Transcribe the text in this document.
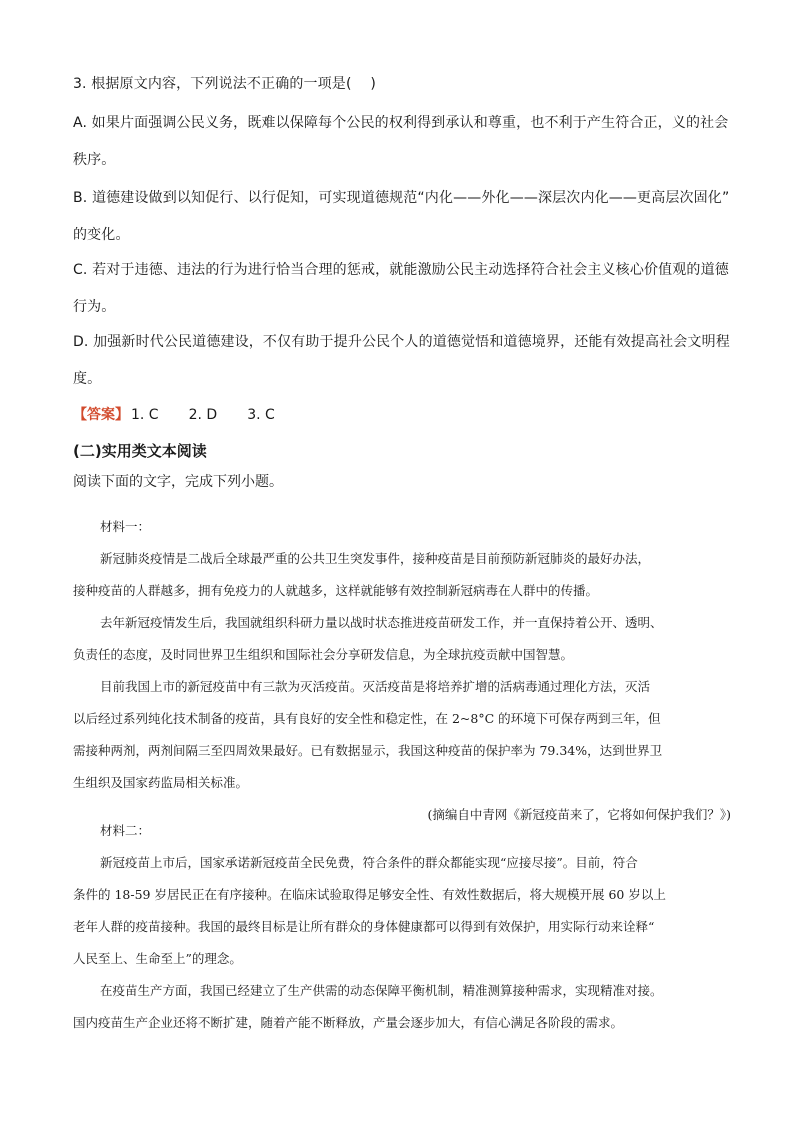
3. 根据原文内容，下列说法不正确的一项是(　 )
A. 如果片面强调公民义务，既难以保障每个公民的权利得到承认和尊重，也不利于产生符合正，义的社会
秩序。
B. 道德建设做到以知促行、以行促知，可实现道德规范“内化——外化——深层次内化——更高层次固化”
的变化。
C. 若对于违德、违法的行为进行恰当合理的惩戒，就能激励公民主动选择符合社会主义核心价值观的道德
行为。
D. 加强新时代公民道德建设，不仅有助于提升公民个人的道德觉悟和道德境界，还能有效提高社会文明程
度。
【答案】 1. C 2. D 3. C
(二)实用类文本阅读
阅读下面的文字，完成下列小题。
材料一：
新冠肺炎疫情是二战后全球最严重的公共卫生突发事件，接种疫苗是目前预防新冠肺炎的最好办法，
接种疫苗的人群越多，拥有免疫力的人就越多，这样就能够有效控制新冠病毒在人群中的传播。
去年新冠疫情发生后，我国就组织科研力量以战时状态推进疫苗研发工作，并一直保持着公开、透明、
负责任的态度，及时同世界卫生组织和国际社会分享研发信息，为全球抗疫贡献中国智慧。
目前我国上市的新冠疫苗中有三款为灭活疫苗。灭活疫苗是将培养扩增的活病毒通过理化方法，灭活
以后经过系列纯化技术制备的疫苗，具有良好的安全性和稳定性，在 2~8°C 的环境下可保存两到三年，但
需接种两剂，两剂间隔三至四周效果最好。已有数据显示，我国这种疫苗的保护率为 79.34%，达到世界卫
生组织及国家药监局相关标准。
(摘编自中青网《新冠疫苗来了，它将如何保护我们？》)
材料二：
新冠疫苗上市后，国家承诺新冠疫苗全民免费，符合条件的群众都能实现“应接尽接”。目前，符合
条件的 18-59 岁居民正在有序接种。在临床试验取得足够安全性、有效性数据后，将大规模开展 60 岁以上
老年人群的疫苗接种。我国的最终目标是让所有群众的身体健康都可以得到有效保护，用实际行动来诠释“
人民至上、生命至上”的理念。
在疫苗生产方面，我国已经建立了生产供需的动态保障平衡机制，精准测算接种需求，实现精准对接。
国内疫苗生产企业还将不断扩建，随着产能不断释放，产量会逐步加大，有信心满足各阶段的需求。
